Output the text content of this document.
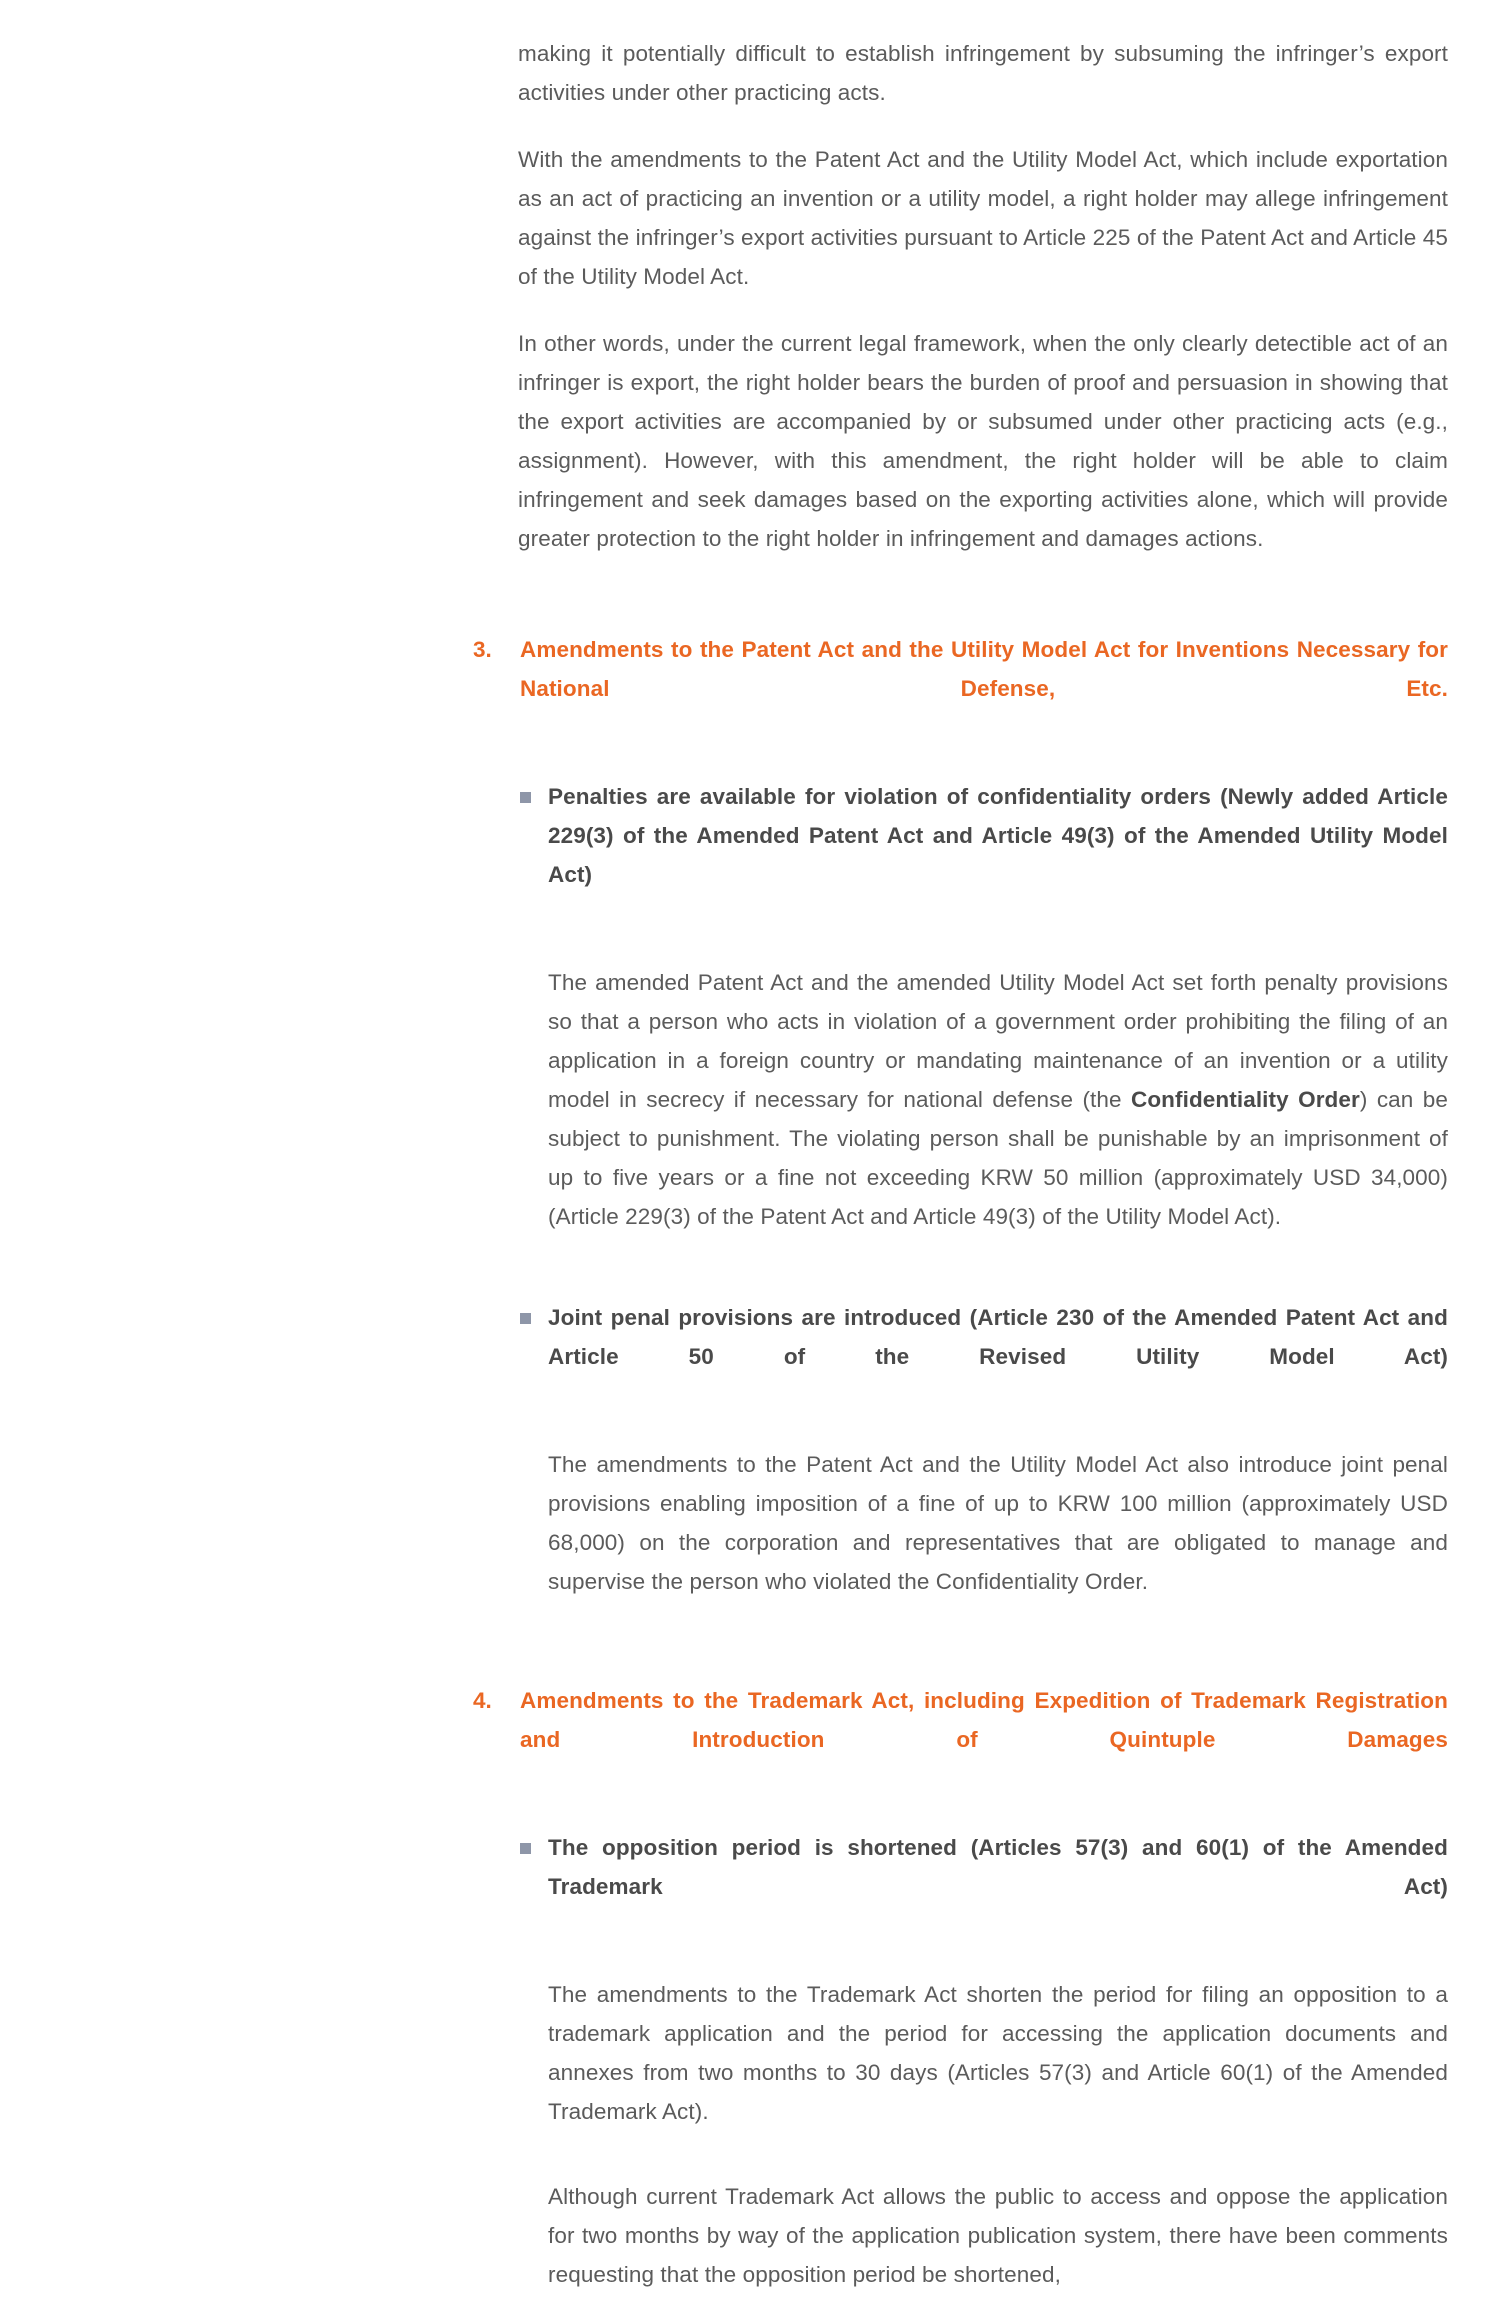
making it potentially difficult to establish infringement by subsuming the infringer’s export activities under other practicing acts.

With the amendments to the Patent Act and the Utility Model Act, which include exportation as an act of practicing an invention or a utility model, a right holder may allege infringement against the infringer’s export activities pursuant to Article 225 of the Patent Act and Article 45 of the Utility Model Act.

In other words, under the current legal framework, when the only clearly detectible act of an infringer is export, the right holder bears the burden of proof and persuasion in showing that the export activities are accompanied by or subsumed under other practicing acts (e.g., assignment). However, with this amendment, the right holder will be able to claim infringement and seek damages based on the exporting activities alone, which will provide greater protection to the right holder in infringement and damages actions.

3.	Amendments to the Patent Act and the Utility Model Act for Inventions Necessary for National Defense, Etc.
Penalties are available for violation of confidentiality orders (Newly added Article 229(3) of the Amended Patent Act and Article 49(3) of the Amended Utility Model Act)

The amended Patent Act and the amended Utility Model Act set forth penalty provisions so that a person who acts in violation of a government order prohibiting the filing of an application in a foreign country or mandating maintenance of an invention or a utility model in secrecy if necessary for national defense (the Confidentiality Order) can be subject to punishment. The violating person shall be punishable by an imprisonment of up to five years or a fine not exceeding KRW 50 million (approximately USD 34,000) (Article 229(3) of the Patent Act and Article 49(3) of the Utility Model Act).

Joint penal provisions are introduced (Article 230 of the Amended Patent Act and Article 50 of the Revised Utility Model Act)

The amendments to the Patent Act and the Utility Model Act also introduce joint penal provisions enabling imposition of a fine of up to KRW 100 million (approximately USD 68,000) on the corporation and representatives that are obligated to manage and supervise the person who violated the Confidentiality Order.

4.	Amendments to the Trademark Act, including Expedition of Trademark Registration and Introduction of Quintuple Damages
The opposition period is shortened (Articles 57(3) and 60(1) of the Amended Trademark Act)

The amendments to the Trademark Act shorten the period for filing an opposition to a trademark application and the period for accessing the application documents and annexes from two months to 30 days (Articles 57(3) and Article 60(1) of the Amended Trademark Act).

Although current Trademark Act allows the public to access and oppose the application for two months by way of the application publication system, there have been comments requesting that the opposition period be shortened,
